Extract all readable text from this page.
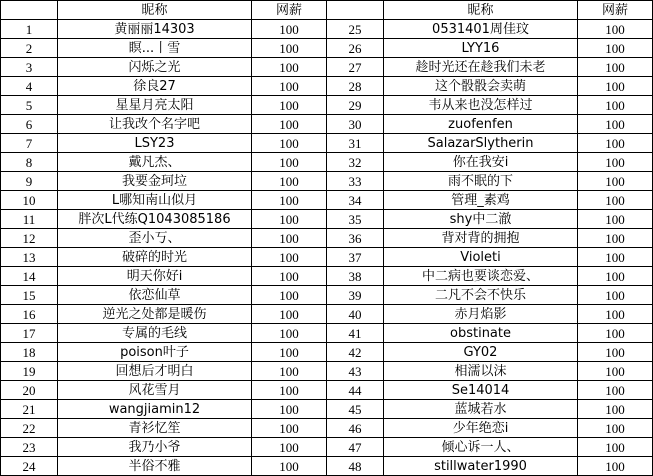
	昵称	网薪		昵称	网薪
1	黄丽丽14303	100	25	0531401周佳玟	100
2	瞑...丨雪	100	26	LYY16	100
3	闪烁之光	100	27	趁时光还在趁我们未老	100
4	徐良27	100	28	这个骰骰会卖萌	100
5	星星月亮太阳	100	29	韦从来也没怎样过	100
6	让我改个名字吧	100	30	zuofenfen	100
7	LSY23	100	31	SalazarSlytherin	100
8	戴凡杰、	100	32	你在我安i	100
9	我要金珂垃	100	33	雨不眠的下	100
10	L哪知南山似月	100	34	管理_素鸡	100
11	胖次L代练Q1043085186	100	35	shy中二澈	100
12	歪小丂、	100	36	背对背的拥抱	100
13	破碎的时光	100	37	Violeti	100
14	明天你好i	100	38	中二病也要谈恋爱、	100
15	依恋仙草	100	39	二凡不会不快乐	100
16	逆光之处都是暖伤	100	40	赤月焰影	100
17	专属的毛线	100	41	obstinate	100
18	poison叶子	100	42	GY02	100
19	回想后才明白	100	43	相濡以沫	100
20	风花雪月	100	44	Se14014	100
21	wangjiamin12	100	45	蓝城若水	100
22	青衫忆笙	100	46	少年绝恋i	100
23	我乃小爷	100	47	倾心诉一人、	100
24	半俗不雅	100	48	stillwater1990	100
